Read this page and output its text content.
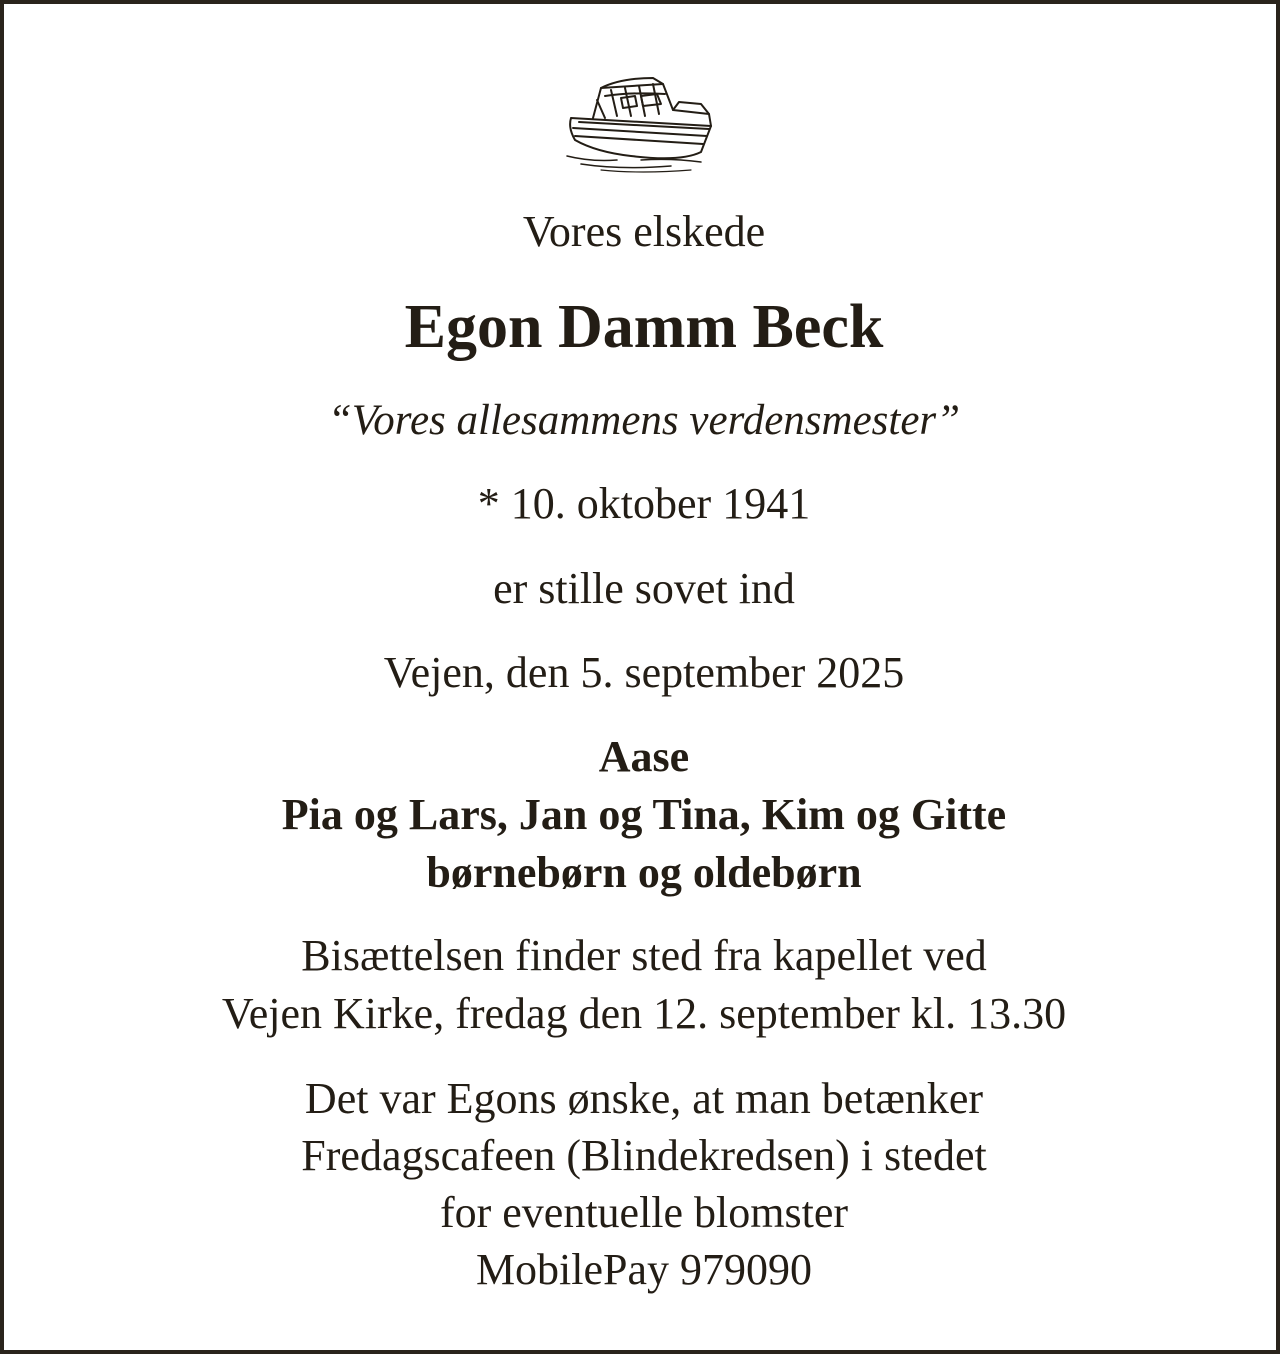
Vores elskede
Egon Damm Beck
“Vores allesammens verdensmester”
* 10. oktober 1941
er stille sovet ind
Vejen, den 5. september 2025
Aase
Pia og Lars, Jan og Tina, Kim og Gitte
børnebørn og oldebørn
Bisættelsen finder sted fra kapellet ved
Vejen Kirke, fredag den 12. september kl. 13.30
Det var Egons ønske, at man betænker
Fredagscafeen (Blindekredsen) i stedet
for eventuelle blomster
MobilePay 979090
